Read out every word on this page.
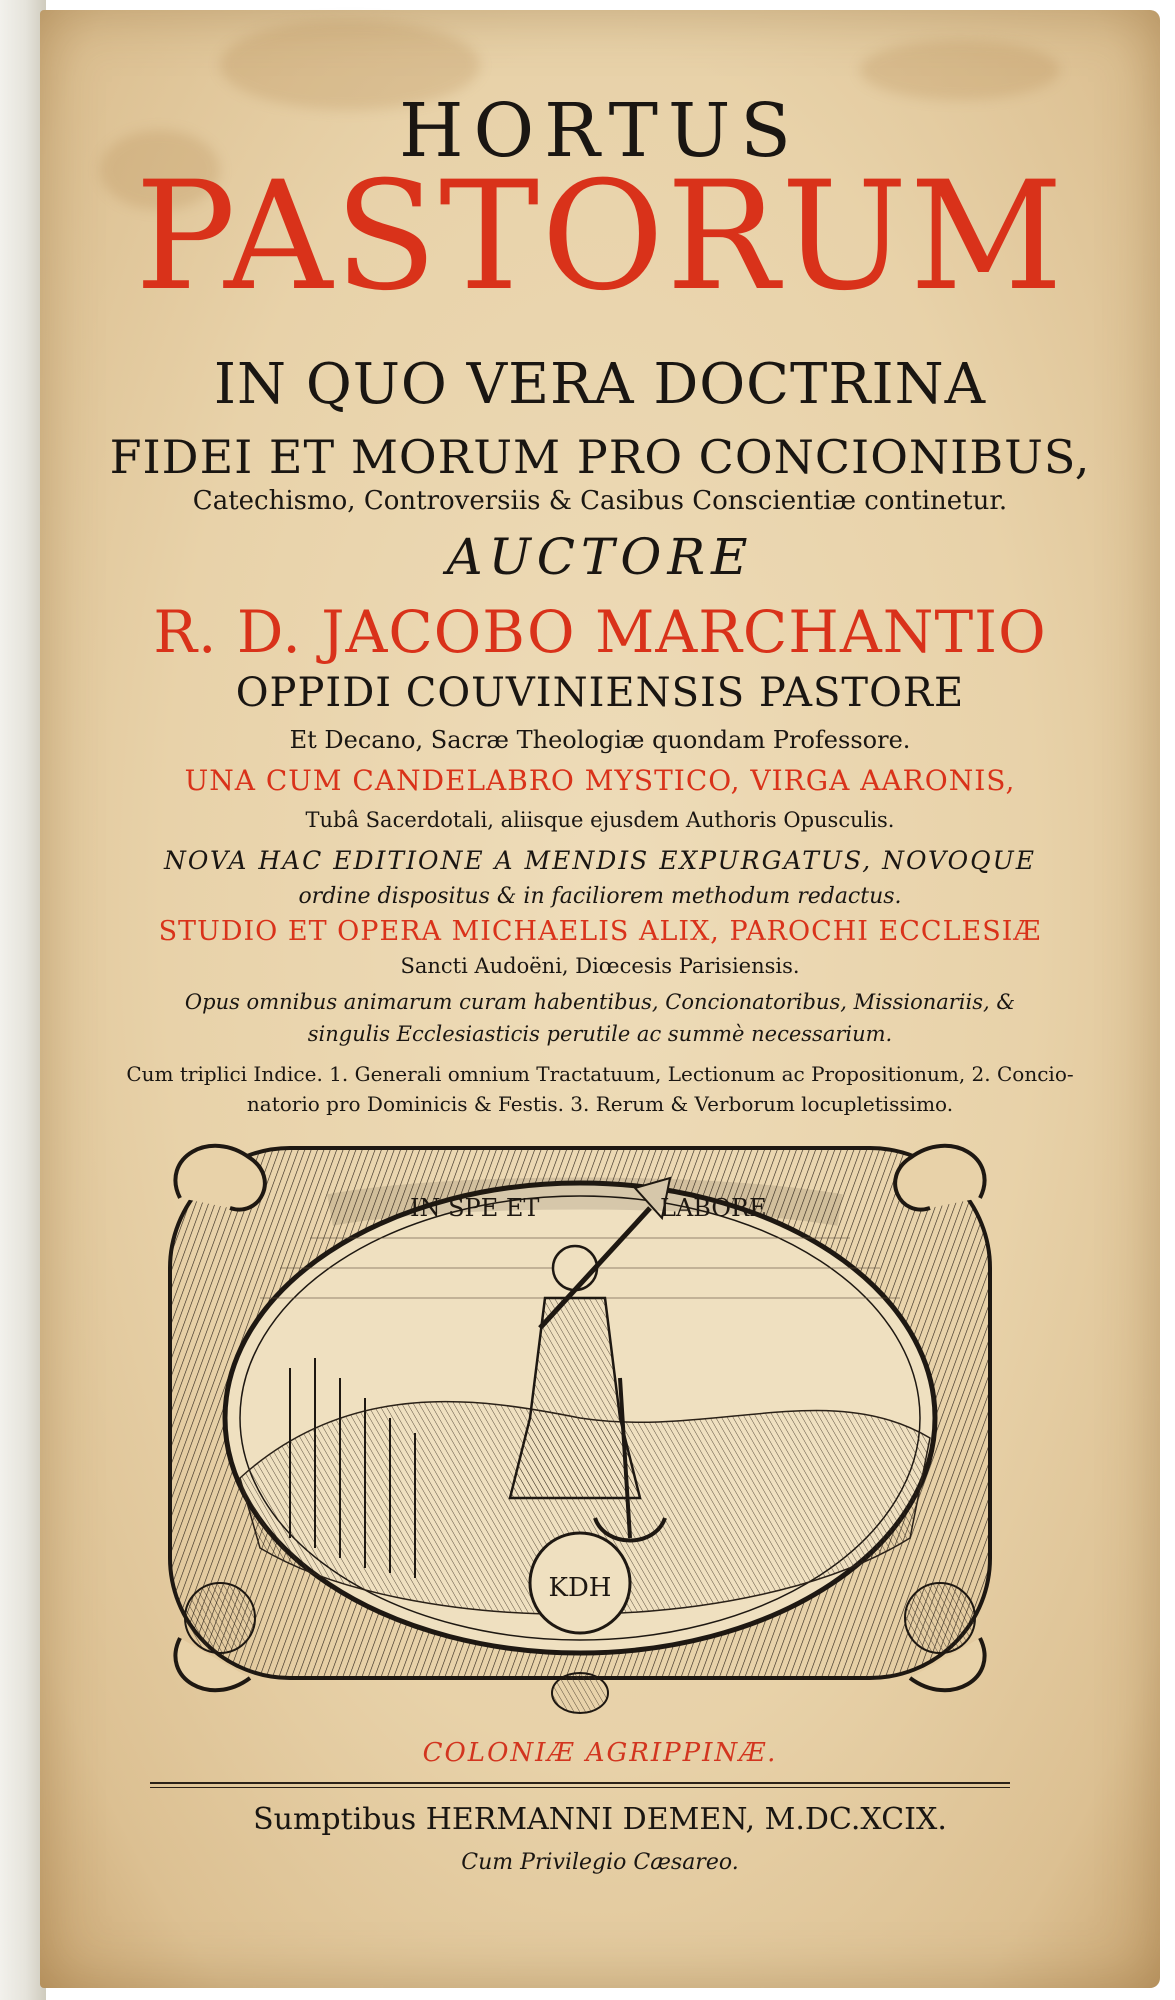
HORTUS

PASTORUM

IN QUO VERA DOCTRINA

FIDEI ET MORUM PRO CONCIONIBUS,

Catechismo, Controversiis & Casibus Conscientiæ continetur.

AUCTORE

R. D. JACOBO MARCHANTIO

OPPIDI COUVINIENSIS PASTORE

Et Decano, Sacræ Theologiæ quondam Professore.

UNA CUM CANDELABRO MYSTICO, VIRGA AARONIS,

Tubâ Sacerdotali, aliisque ejusdem Authoris Opusculis.

NOVA HAC EDITIONE A MENDIS EXPURGATUS, NOVOQUE

ordine dispositus & in faciliorem methodum redactus.

STUDIO ET OPERA MICHAELIS ALIX, PAROCHI ECCLESIÆ

Sancti Audoëni, Diœcesis Parisiensis.

Opus omnibus animarum curam habentibus, Concionatoribus, Missionariis, &

singulis Ecclesiasticis perutile ac summè necessarium.

Cum triplici Indice. 1. Generali omnium Tractatuum, Lectionum ac Propositionum, 2. Concio-

natorio pro Dominicis & Festis. 3. Rerum & Verborum locupletissimo.

KDH
IN SPE ET	LABORE

COLONIÆ AGRIPPINÆ.

Sumptibus HERMANNI DEMEN, M.DC.XCIX.

Cum Privilegio Cæsareo.
